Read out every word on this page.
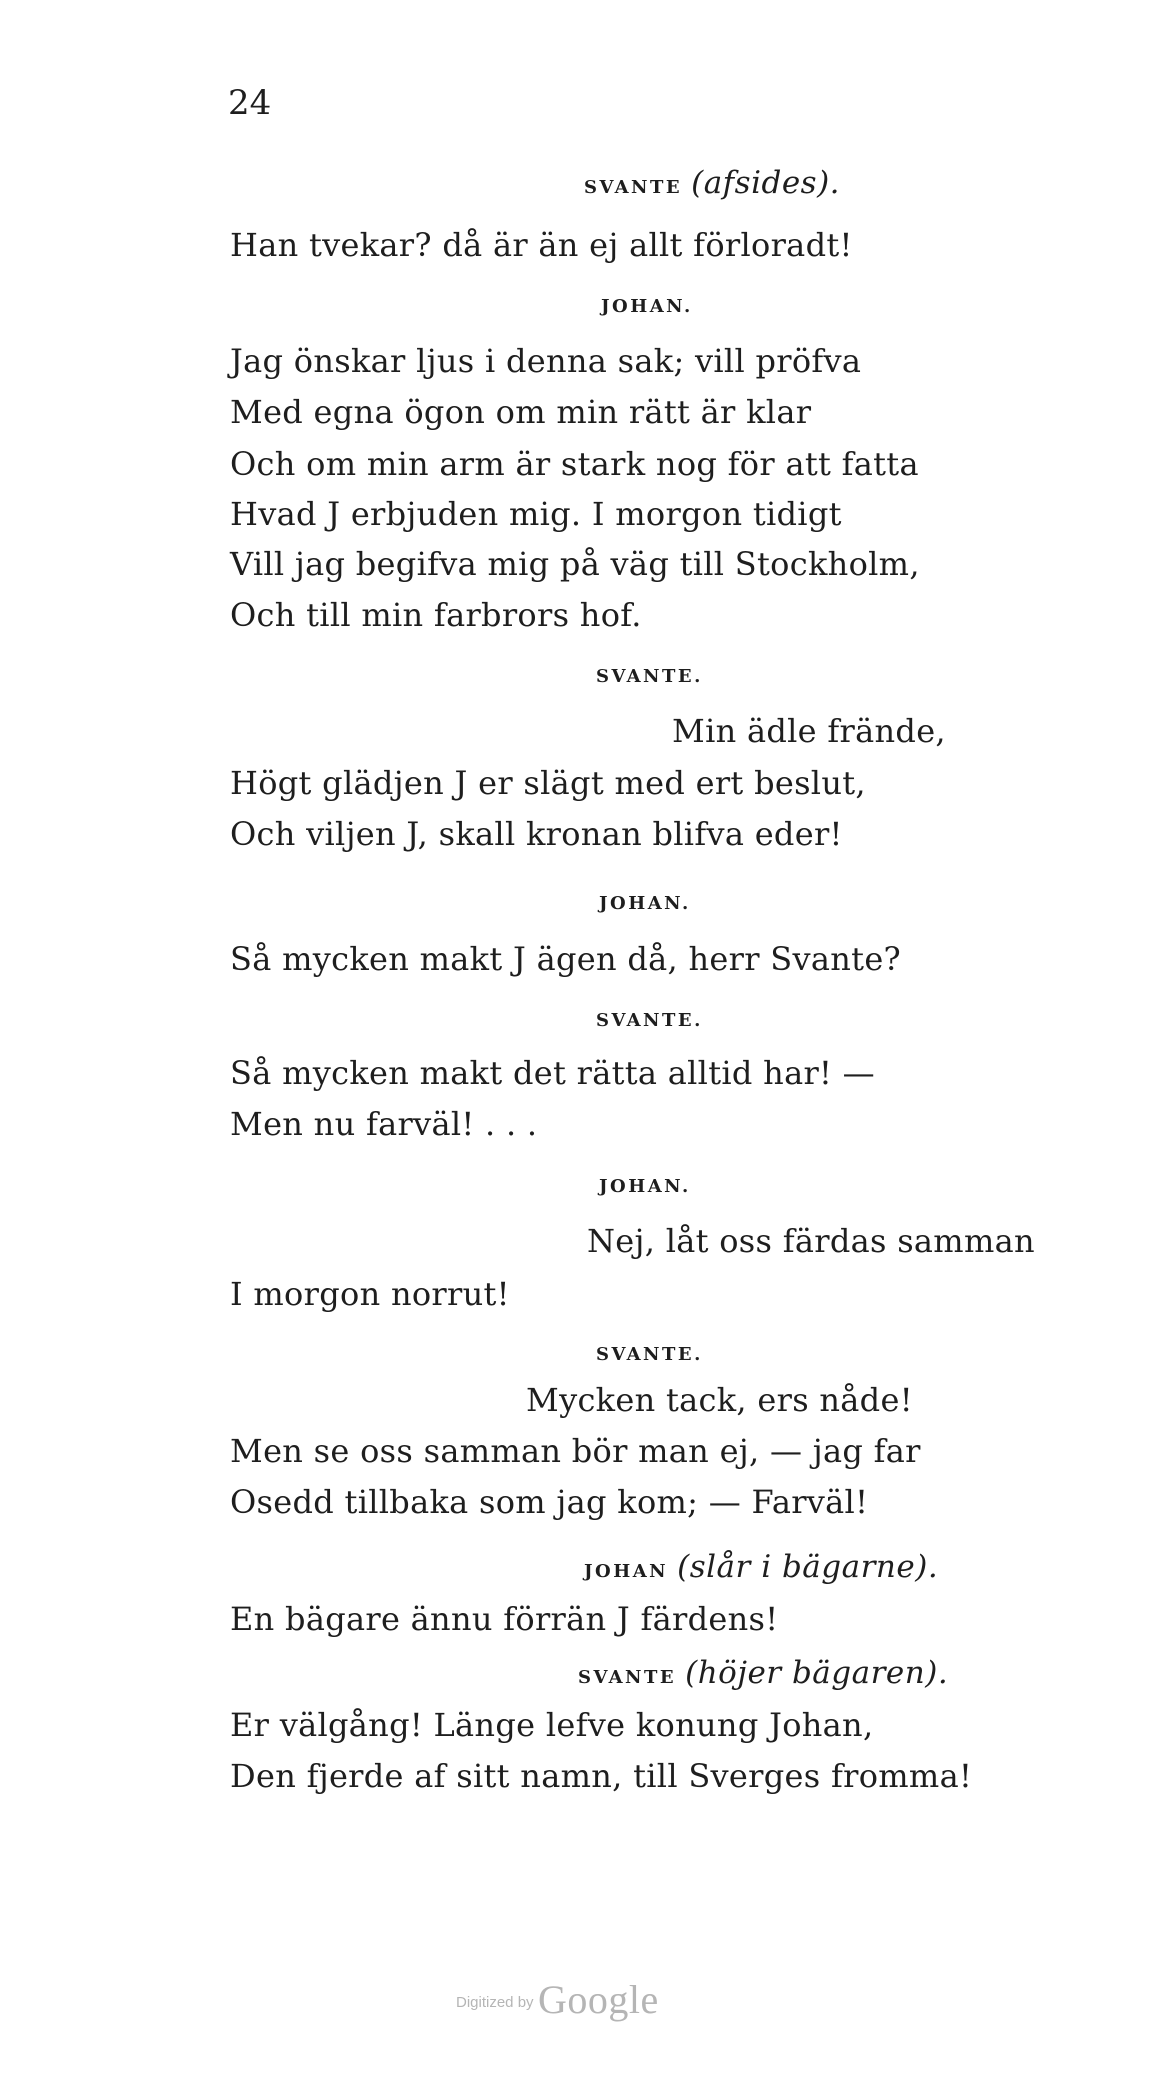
24
SVANTE (afsides).
Han tvekar? då är än ej allt förloradt!
JOHAN.
Jag önskar ljus i denna sak; vill pröfva
Med egna ögon om min rätt är klar
Och om min arm är stark nog för att fatta
Hvad J erbjuden mig. I morgon tidigt
Vill jag begifva mig på väg till Stockholm,
Och till min farbrors hof.
SVANTE.
Min ädle frände,
Högt glädjen J er slägt med ert beslut,
Och viljen J, skall kronan blifva eder!
JOHAN.
Så mycken makt J ägen då, herr Svante?
SVANTE.
Så mycken makt det rätta alltid har! —
Men nu farväl! . . .
JOHAN.
Nej, låt oss färdas samman
I morgon norrut!
SVANTE.
Mycken tack, ers nåde!
Men se oss samman bör man ej, — jag far
Osedd tillbaka som jag kom; — Farväl!
JOHAN (slår i bägarne).
En bägare ännu förrän J färdens!
SVANTE (höjer bägaren).
Er välgång! Länge lefve konung Johan,
Den fjerde af sitt namn, till Sverges fromma!
Digitized by Google
